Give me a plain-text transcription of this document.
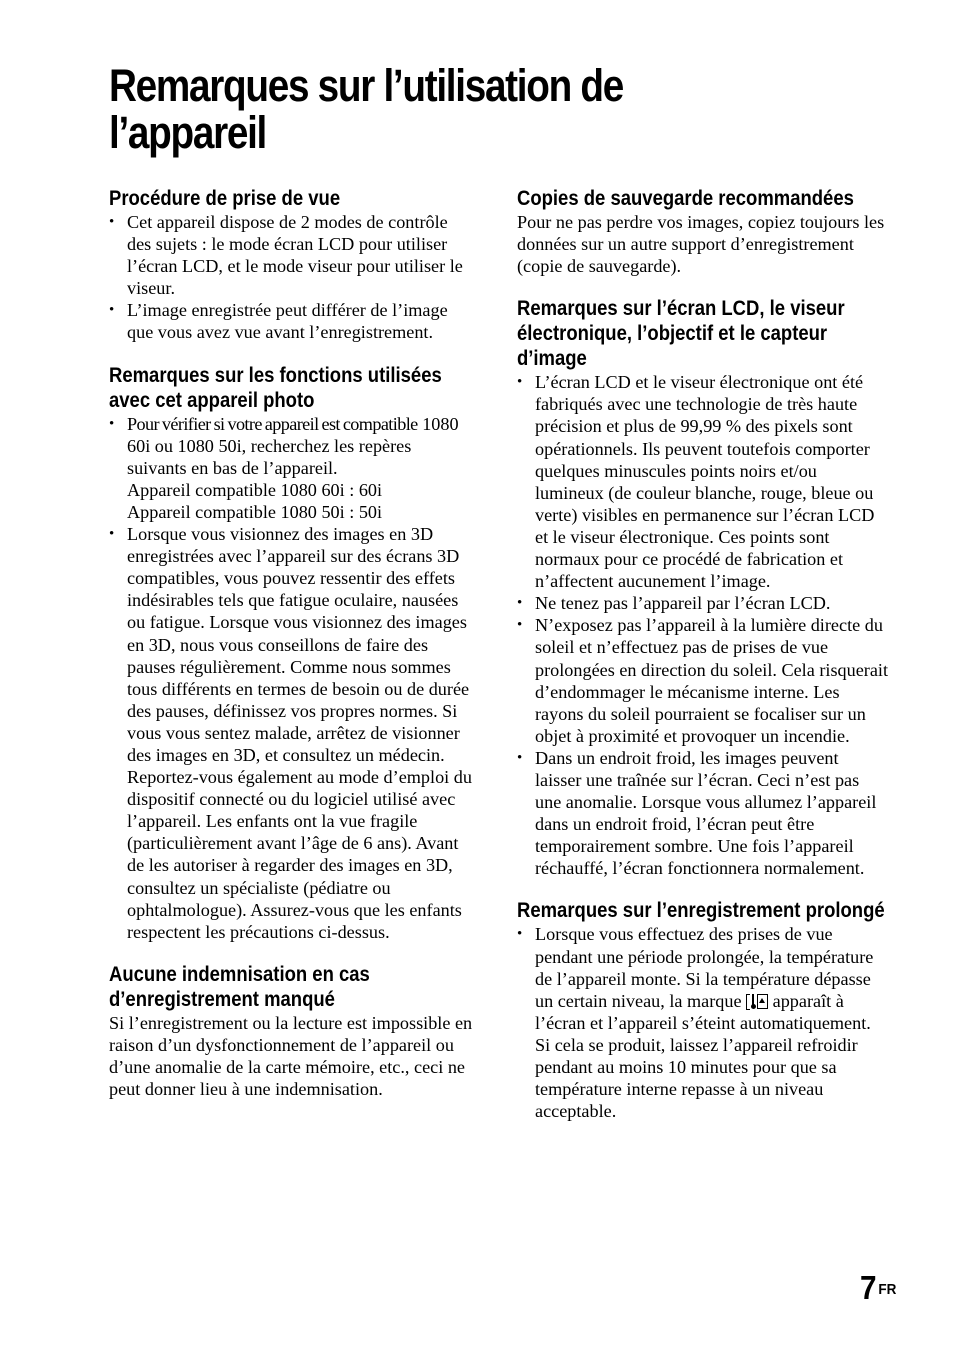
Remarques sur l’utilisation de
l’appareil
Procédure de prise de vue
• Cet appareil dispose de 2 modes de contrôle des sujets : le mode écran LCD pour utiliser l’écran LCD, et le mode viseur pour utiliser le viseur.
• L’image enregistrée peut différer de l’image que vous avez vue avant l’enregistrement.
Remarques sur les fonctions utilisées avec cet appareil photo
• Pour vérifier si votre appareil est compatible 1080 60i ou 1080 50i, recherchez les repères suivants en bas de l’appareil.
Appareil compatible 1080 60i : 60i
Appareil compatible 1080 50i : 50i
• Lorsque vous visionnez des images en 3D enregistrées avec l’appareil sur des écrans 3D compatibles, vous pouvez ressentir des effets indésirables tels que fatigue oculaire, nausées ou fatigue. Lorsque vous visionnez des images en 3D, nous vous conseillons de faire des pauses régulièrement. Comme nous sommes tous différents en termes de besoin ou de durée des pauses, définissez vos propres normes. Si vous vous sentez malade, arrêtez de visionner des images en 3D, et consultez un médecin. Reportez-vous également au mode d’emploi du dispositif connecté ou du logiciel utilisé avec l’appareil. Les enfants ont la vue fragile (particulièrement avant l’âge de 6 ans). Avant de les autoriser à regarder des images en 3D, consultez un spécialiste (pédiatre ou ophtalmologue). Assurez-vous que les enfants respectent les précautions ci-dessus.
Aucune indemnisation en cas d’enregistrement manqué

Si l’enregistrement ou la lecture est impossible en raison d’un dysfonctionnement de l’appareil ou d’une anomalie de la carte mémoire, etc., ceci ne peut donner lieu à une indemnisation.

Copies de sauvegarde recommandées

Pour ne pas perdre vos images, copiez toujours les données sur un autre support d’enregistrement (copie de sauvegarde).

Remarques sur l’écran LCD, le viseur électronique, l’objectif et le capteur d’image
• L’écran LCD et le viseur électronique ont été fabriqués avec une technologie de très haute précision et plus de 99,99 % des pixels sont opérationnels. Ils peuvent toutefois comporter quelques minuscules points noirs et/ou lumineux (de couleur blanche, rouge, bleue ou verte) visibles en permanence sur l’écran LCD et le viseur électronique. Ces points sont normaux pour ce procédé de fabrication et n’affectent aucunement l’image.
• Ne tenez pas l’appareil par l’écran LCD.
• N’exposez pas l’appareil à la lumière directe du soleil et n’effectuez pas de prises de vue prolongées en direction du soleil. Cela risquerait d’endommager le mécanisme interne. Les rayons du soleil pourraient se focaliser sur un objet à proximité et provoquer un incendie.
• Dans un endroit froid, les images peuvent laisser une traînée sur l’écran. Ceci n’est pas une anomalie. Lorsque vous allumez l’appareil dans un endroit froid, l’écran peut être temporairement sombre. Une fois l’appareil réchauffé, l’écran fonctionnera normalement.
Remarques sur l’enregistrement prolongé
• Lorsque vous effectuez des prises de vue pendant une période prolongée, la température de l’appareil monte. Si la température dépasse un certain niveau, la marque
apparaît à l’écran et l’appareil s’éteint automatiquement. Si cela se produit, laissez l’appareil refroidir pendant au moins 10 minutes pour que sa température interne repasse à un niveau acceptable.
7 $^{FR}$
